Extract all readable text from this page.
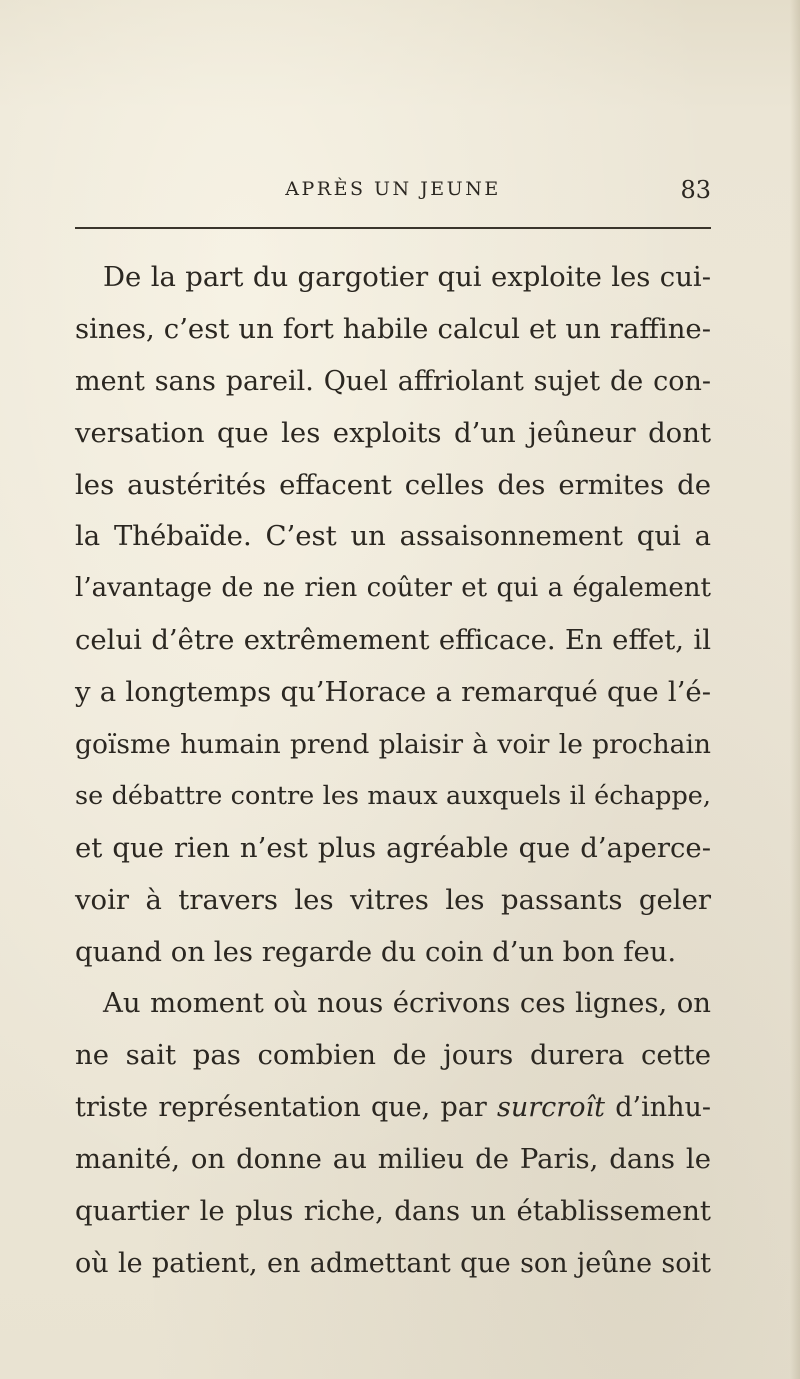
APRÈS UN JEUNE	83
De la part du gargotier qui exploite les cui-
sines, c’est un fort habile calcul et un raffine-
ment sans pareil. Quel affriolant sujet de con-
versation que les exploits d’un jeûneur dont
les austérités effacent celles des ermites de
la Thébaïde. C’est un assaisonnement qui a
l’avantage de ne rien coûter et qui a également
celui d’être extrêmement efficace. En effet, il
y a longtemps qu’Horace a remarqué que l’é-
goïsme humain prend plaisir à voir le prochain
se débattre contre les maux auxquels il échappe,
et que rien n’est plus agréable que d’aperce-
voir à travers les vitres les passants geler
quand on les regarde du coin d’un bon feu.
Au moment où nous écrivons ces lignes, on
ne sait pas combien de jours durera cette
triste représentation que, par surcroît d’inhu-
manité, on donne au milieu de Paris, dans le
quartier le plus riche, dans un établissement
où le patient, en admettant que son jeûne soit
